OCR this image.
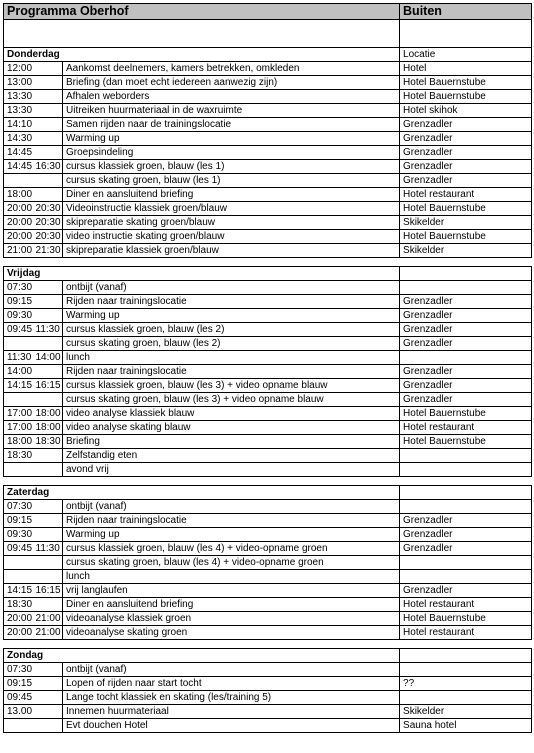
Programma Oberhof			Buiten

Donderdag			Locatie
12:00		Aankomst deelnemers, kamers betrekken, omkleden	Hotel
13:00		Briefing (dan moet echt iedereen aanwezig zijn)	Hotel Bauernstube
13:30		Afhalen weborders	Hotel Bauernstube
13:30		Uitreiken huurmateriaal in de waxruimte	Hotel skihok
14:10		Samen rijden naar de trainingslocatie	Grenzadler
14:30		Warming up	Grenzadler
14:45		Groepsindeling	Grenzadler
14:45	16:30	cursus klassiek groen, blauw (les 1)	Grenzadler
		cursus skating groen, blauw (les 1)	Grenzadler
18:00		Diner en aansluitend briefing	Hotel restaurant
20:00	20:30	Videoinstructie klassiek groen/blauw	Hotel Bauernstube
20:00	20:30	skipreparatie skating groen/blauw	Skikelder
20:00	20:30	video instructie skating groen/blauw	Hotel Bauernstube
21:00	21:30	skipreparatie klassiek groen/blauw	Skikelder

Vrijdag			
07:30		ontbijt (vanaf)	
09:15		Rijden naar trainingslocatie	Grenzadler
09:30		Warming up	Grenzadler
09:45	11:30	cursus klassiek groen, blauw (les 2)	Grenzadler
		cursus skating groen, blauw (les 2)	Grenzadler
11:30	14:00	lunch	
14:00		Rijden naar trainingslocatie	Grenzadler
14:15	16:15	cursus klassiek groen, blauw (les 3) + video opname blauw	Grenzadler
		cursus skating groen, blauw (les 3) + video opname blauw	Grenzadler
17:00	18:00	video analyse klassiek blauw	Hotel Bauernstube
17:00	18:00	video analyse skating blauw	Hotel restaurant
18:00	18:30	Briefing	Hotel Bauernstube
18:30		Zelfstandig eten	
		avond vrij	

Zaterdag			
07:30		ontbijt (vanaf)	
09:15		Rijden naar trainingslocatie	Grenzadler
09:30		Warming up	Grenzadler
09:45	11:30	cursus klassiek groen, blauw (les 4) + video-opname groen	Grenzadler
		cursus skating groen, blauw (les 4) + video-opname groen	
		lunch	
14:15	16:15	vrij langlaufen	Grenzadler
18:30		Diner en aansluitend briefing	Hotel restaurant
20:00	21:00	videoanalyse klassiek groen	Hotel Bauernstube
20:00	21:00	videoanalyse skating groen	Hotel restaurant

Zondag			
07:30		ontbijt (vanaf)	
09:15		Lopen of rijden naar start tocht	??
09:45		Lange tocht klassiek en skating (les/training 5)	
13.00		Innemen huurmateriaal	Skikelder
		Evt douchen Hotel	Sauna hotel
